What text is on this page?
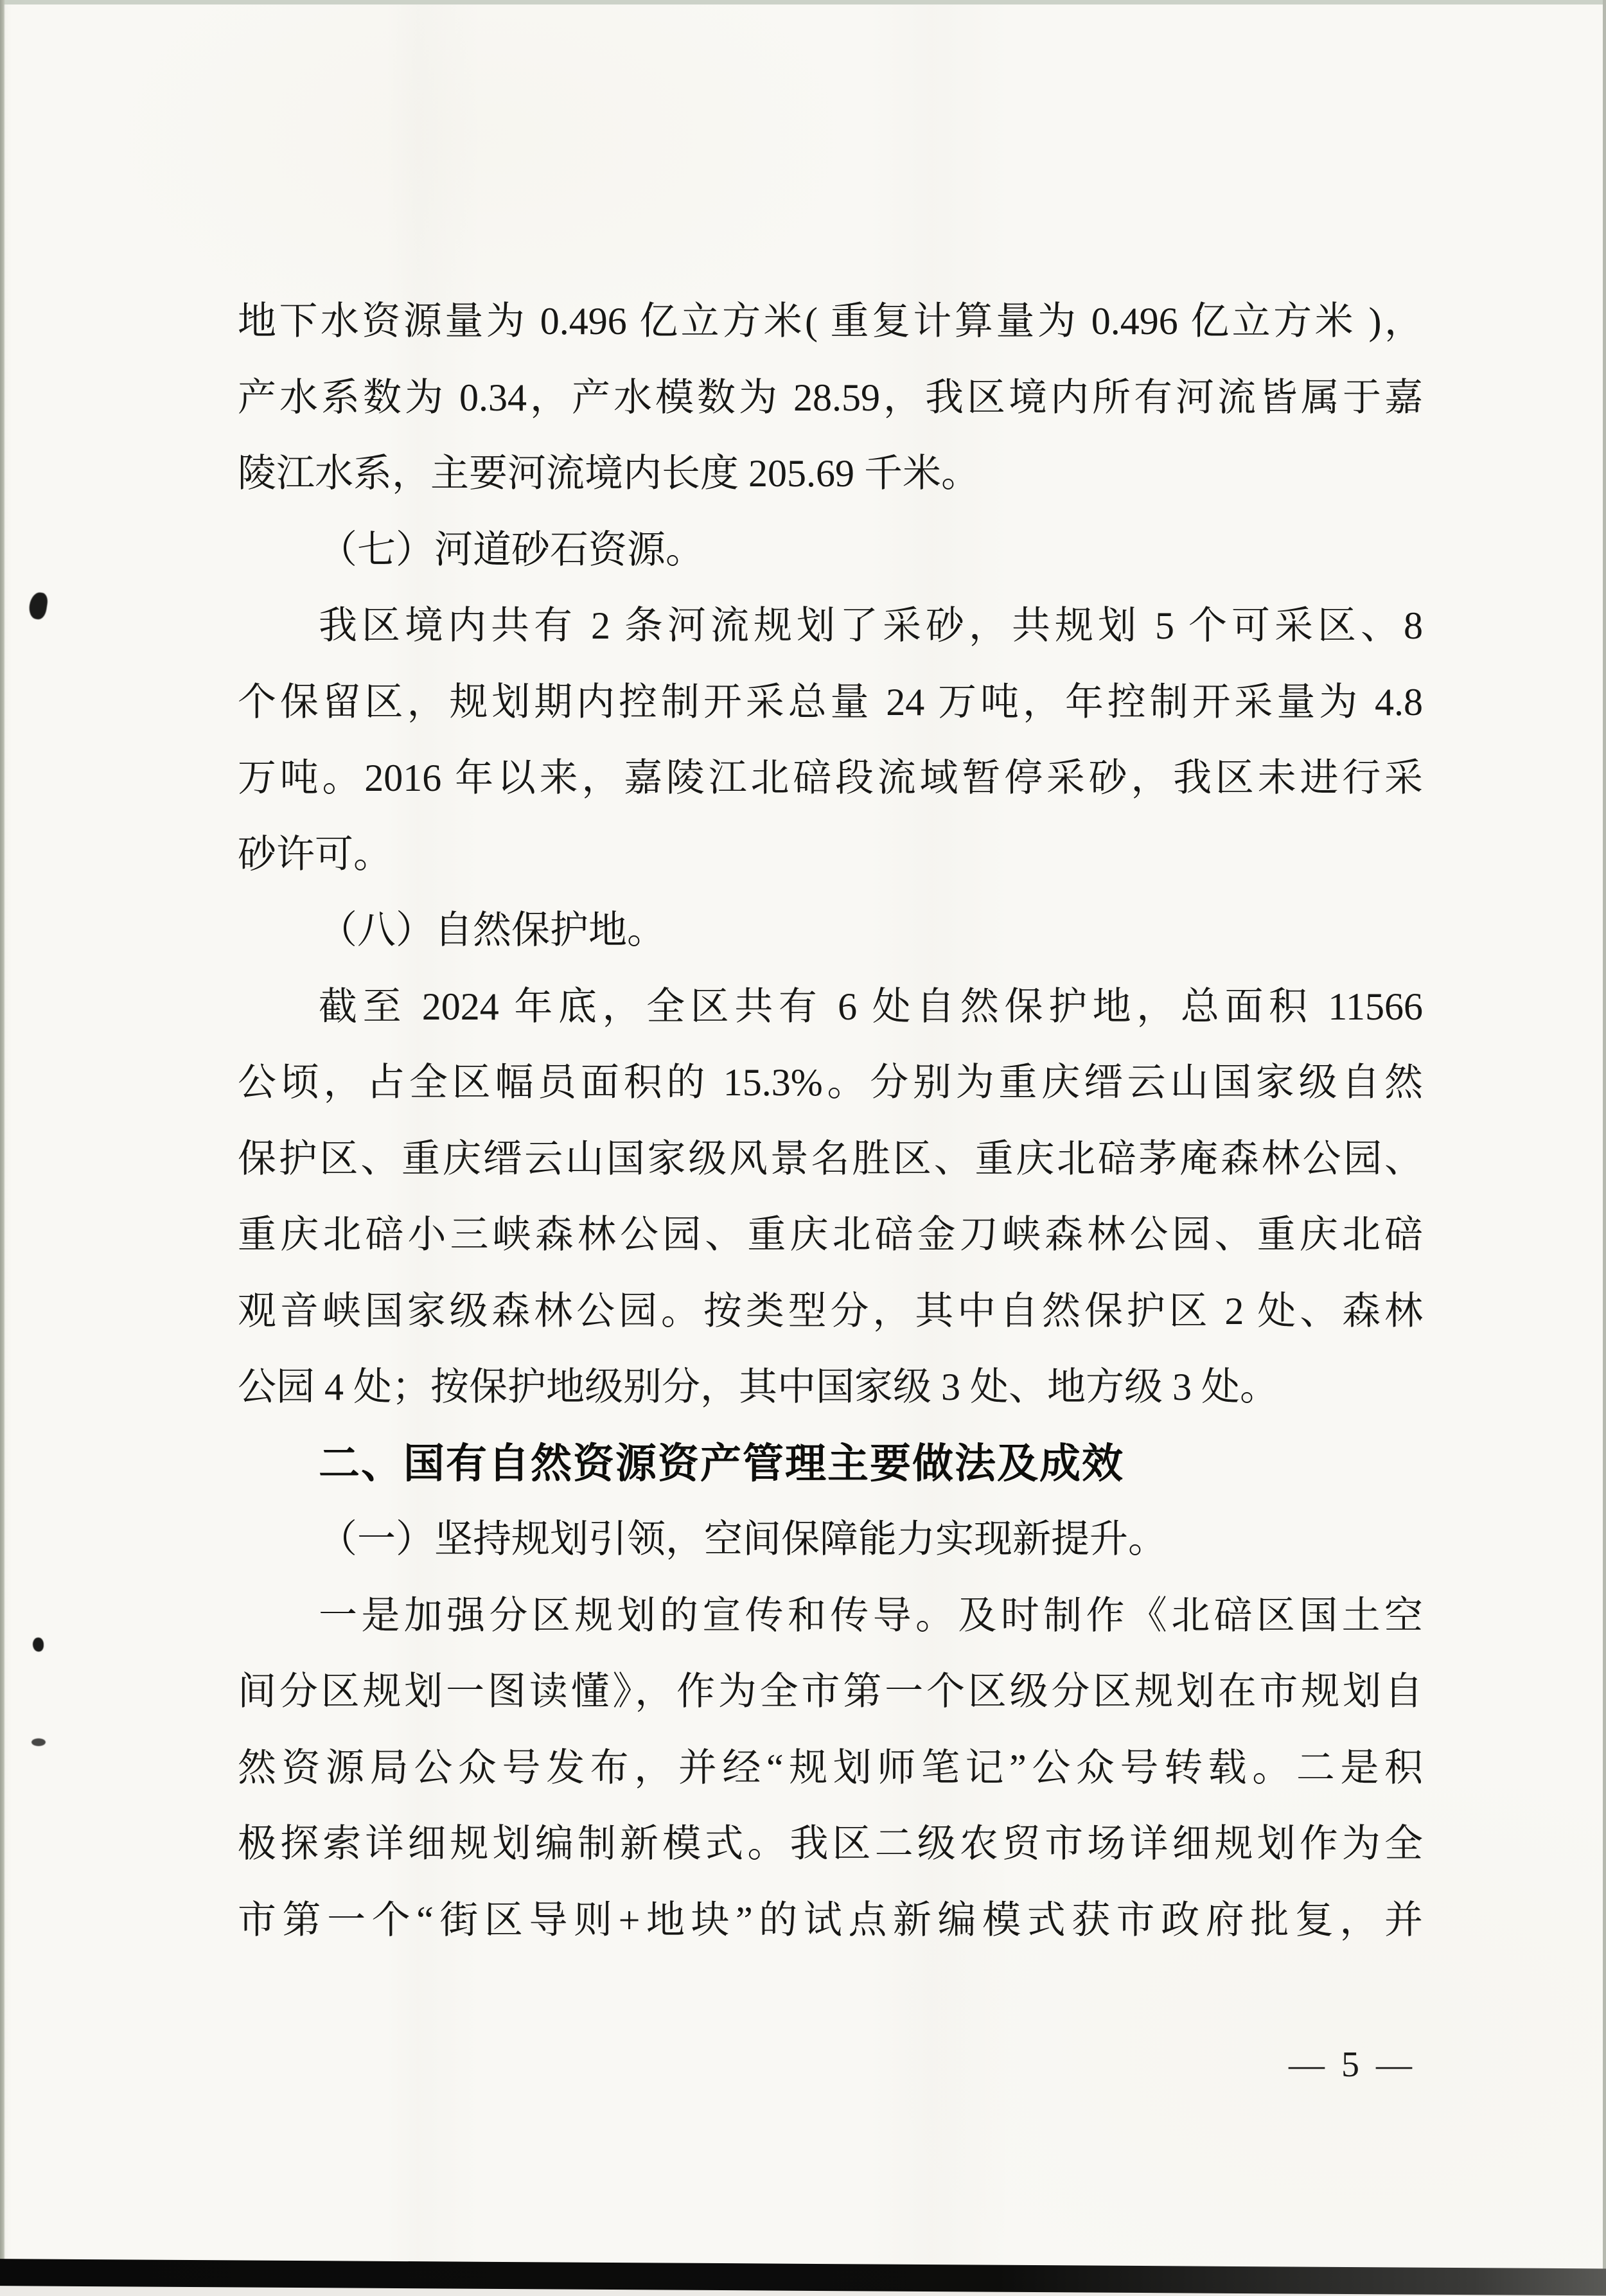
地下水资源量为 0.496 亿立方米( 重复计算量为 0.496 亿立方米 )，
产水系数为 0.34，产水模数为 28.59，我区境内所有河流皆属于嘉
陵江水系，主要河流境内长度 205.69 千米。
（七）河道砂石资源。
我区境内共有 2 条河流规划了采砂，共规划 5 个可采区、8
个保留区，规划期内控制开采总量 24 万吨，年控制开采量为 4.8
万吨。2016 年以来，嘉陵江北碚段流域暂停采砂，我区未进行采
砂许可。
（八）自然保护地。
截至 2024 年底，全区共有 6 处自然保护地，总面积 11566
公顷，占全区幅员面积的 15.3%。分别为重庆缙云山国家级自然
保护区、重庆缙云山国家级风景名胜区、重庆北碚茅庵森林公园、
重庆北碚小三峡森林公园、重庆北碚金刀峡森林公园、重庆北碚
观音峡国家级森林公园。按类型分，其中自然保护区 2 处、森林
公园 4 处；按保护地级别分，其中国家级 3 处、地方级 3 处。
二、国有自然资源资产管理主要做法及成效
（一）坚持规划引领，空间保障能力实现新提升。
一是加强分区规划的宣传和传导。及时制作《北碚区国土空
间分区规划一图读懂》，作为全市第一个区级分区规划在市规划自
然资源局公众号发布，并经“规划师笔记”公众号转载。二是积
极探索详细规划编制新模式。我区二级农贸市场详细规划作为全
市第一个“街区导则+地块”的试点新编模式获市政府批复，并
— 5 —
